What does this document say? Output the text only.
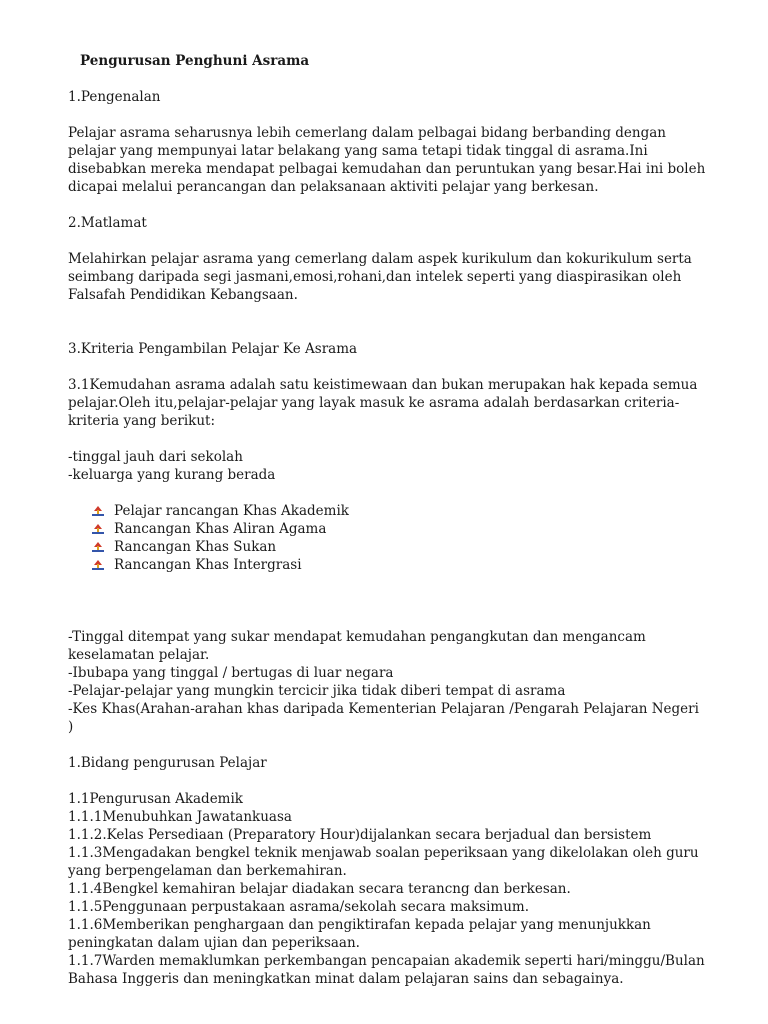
Pengurusan Penghuni Asrama

1.Pengenalan

Pelajar asrama seharusnya lebih cemerlang dalam pelbagai bidang berbanding dengan pelajar yang mempunyai latar belakang yang sama tetapi tidak tinggal di asrama.Ini disebabkan mereka mendapat pelbagai kemudahan dan peruntukan yang besar.Hai ini boleh dicapai melalui perancangan dan pelaksanaan aktiviti pelajar yang berkesan.

2.Matlamat

Melahirkan pelajar asrama yang cemerlang dalam aspek kurikulum dan kokurikulum serta seimbang daripada segi jasmani,emosi,rohani,dan intelek seperti yang diaspirasikan oleh Falsafah Pendidikan Kebangsaan.

3.Kriteria Pengambilan Pelajar Ke Asrama

3.1Kemudahan asrama adalah satu keistimewaan dan bukan merupakan hak kepada semua pelajar.Oleh itu,pelajar-pelajar yang layak masuk ke asrama adalah berdasarkan criteria-kriteria yang berikut:

-tinggal jauh dari sekolah
-keluarga yang kurang berada
Pelajar rancangan Khas Akademik
Rancangan Khas Aliran Agama
Rancangan Khas Sukan
Rancangan Khas Intergrasi
-Tinggal ditempat yang sukar mendapat kemudahan pengangkutan dan mengancam keselamatan pelajar.
-Ibubapa yang tinggal / bertugas di luar negara
-Pelajar-pelajar yang mungkin tercicir jika tidak diberi tempat di asrama
-Kes Khas(Arahan-arahan khas daripada Kementerian Pelajaran /Pengarah Pelajaran Negeri )

1.Bidang pengurusan Pelajar

1.1Pengurusan Akademik
1.1.1Menubuhkan Jawatankuasa
1.1.2.Kelas Persediaan (Preparatory Hour)dijalankan secara berjadual dan bersistem
1.1.3Mengadakan bengkel teknik menjawab soalan peperiksaan yang dikelolakan oleh guru yang berpengelaman dan berkemahiran.
1.1.4Bengkel kemahiran belajar diadakan secara terancng dan berkesan.
1.1.5Penggunaan perpustakaan asrama/sekolah secara maksimum.
1.1.6Memberikan penghargaan dan pengiktirafan kepada pelajar yang menunjukkan peningkatan dalam ujian dan peperiksaan.
1.1.7Warden memaklumkan perkembangan pencapaian akademik seperti hari/minggu/Bulan Bahasa Inggeris dan meningkatkan minat dalam pelajaran sains dan sebagainya.
